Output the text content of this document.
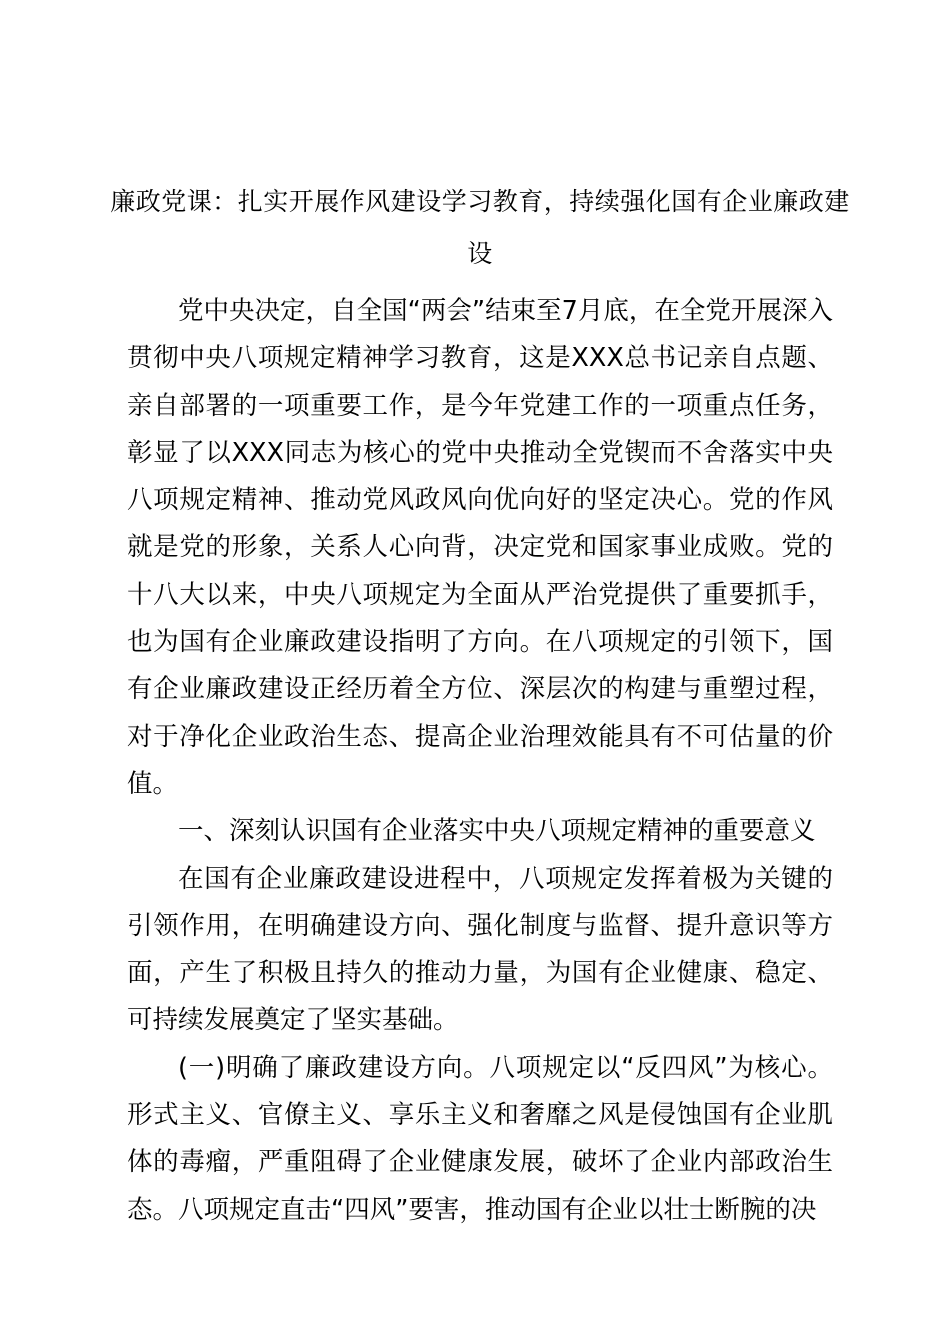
廉政党课：扎实开展作风建设学习教育，持续强化国有企业廉政建设

党中央决定，自全国“两会”结束至7月底，在全党开展深入贯彻中央八项规定精神学习教育，这是XXX总书记亲自点题、亲自部署的一项重要工作，是今年党建工作的一项重点任务，彰显了以XXX同志为核心的党中央推动全党锲而不舍落实中央八项规定精神、推动党风政风向优向好的坚定决心。党的作风就是党的形象，关系人心向背，决定党和国家事业成败。党的十八大以来，中央八项规定为全面从严治党提供了重要抓手，也为国有企业廉政建设指明了方向。在八项规定的引领下，国有企业廉政建设正经历着全方位、深层次的构建与重塑过程，对于净化企业政治生态、提高企业治理效能具有不可估量的价值。

一、深刻认识国有企业落实中央八项规定精神的重要意义

在国有企业廉政建设进程中，八项规定发挥着极为关键的引领作用，在明确建设方向、强化制度与监督、提升意识等方面，产生了积极且持久的推动力量，为国有企业健康、稳定、可持续发展奠定了坚实基础。

(一)明确了廉政建设方向。八项规定以“反四风”为核心。形式主义、官僚主义、享乐主义和奢靡之风是侵蚀国有企业肌体的毒瘤，严重阻碍了企业健康发展，破坏了企业内部政治生态。八项规定直击“四风”要害，推动国有企业以壮士断腕的决
